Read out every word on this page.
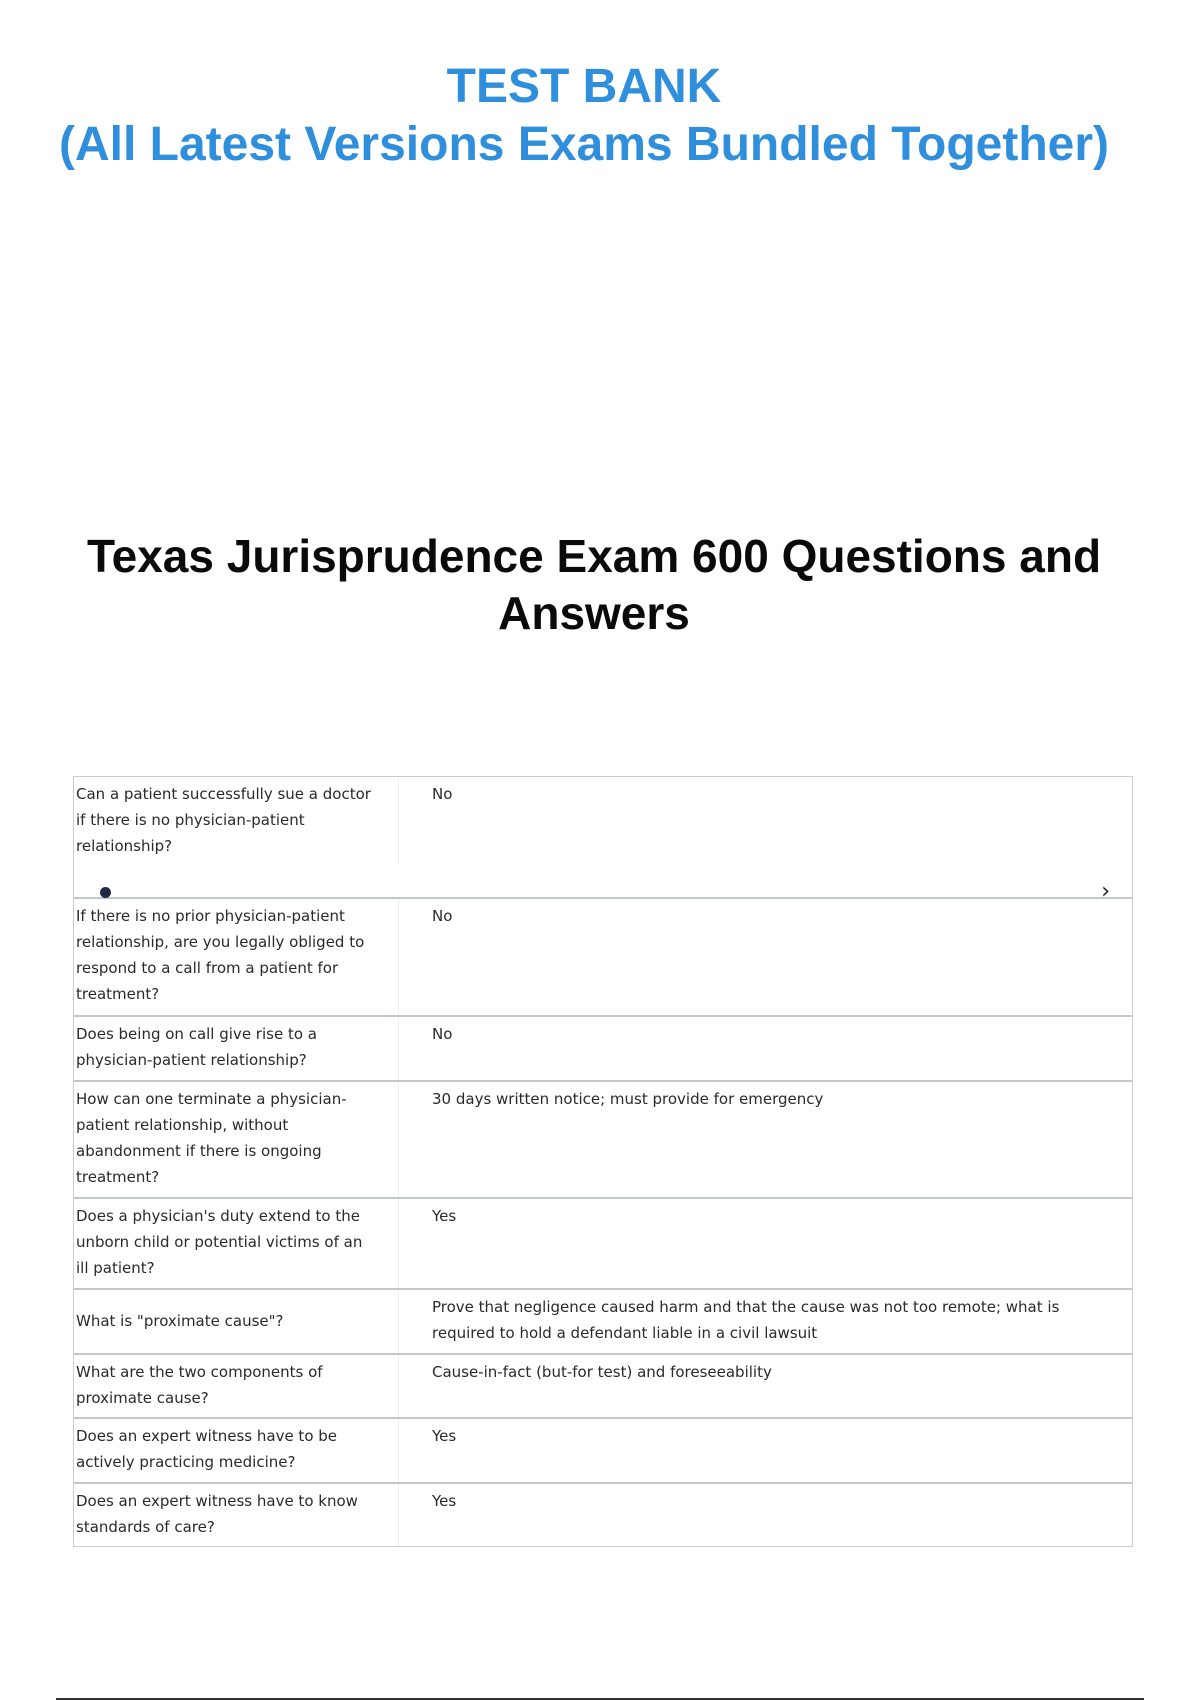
TEST BANK
(All Latest Versions Exams Bundled Together)
Texas Jurisprudence Exam 600 Questions and Answers
Can a patient successfully sue a doctor if there is no physician-patient relationship?
No
›
If there is no prior physician-patient relationship, are you legally obliged to respond to a call from a patient for treatment?
No
Does being on call give rise to a physician-patient relationship?
No
How can one terminate a physician-patient relationship, without abandonment if there is ongoing treatment?
30 days written notice; must provide for emergency
Does a physician's duty extend to the unborn child or potential victims of an ill patient?
Yes
What is "proximate cause"?
Prove that negligence caused harm and that the cause was not too remote; what is required to hold a defendant liable in a civil lawsuit
What are the two components of proximate cause?
Cause-in-fact (but-for test) and foreseeability
Does an expert witness have to be actively practicing medicine?
Yes
Does an expert witness have to know standards of care?
Yes
